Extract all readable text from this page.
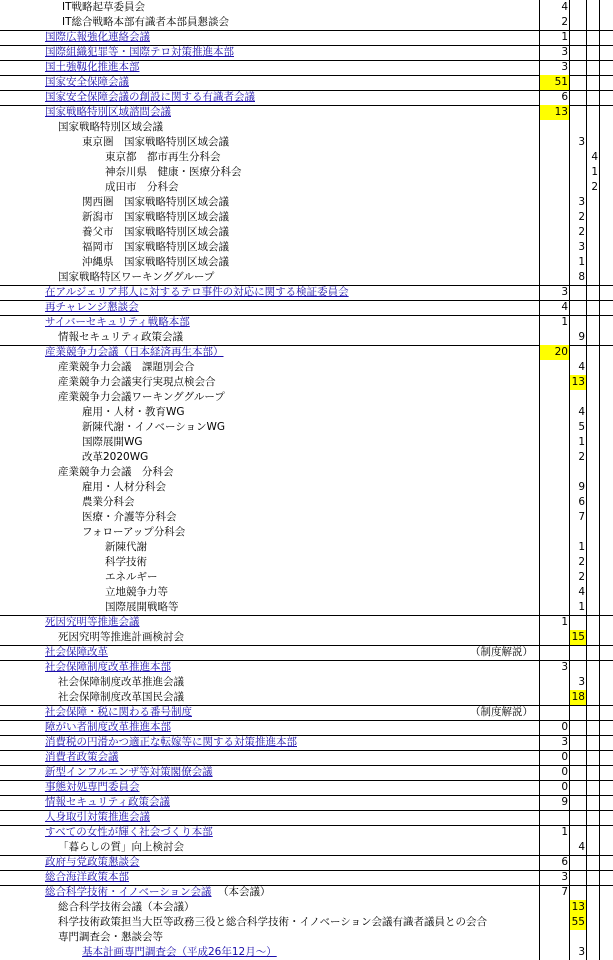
IT戦略起草委員会	4
IT総合戦略本部有識者本部員懇談会	2
国際広報強化連絡会議	1
国際組織犯罪等・国際テロ対策推進本部	3
国土強靱化推進本部	3
国家安全保障会議	51
国家安全保障会議の創設に関する有識者会議	6
国家戦略特別区域諮問会議	13
国家戦略特別区域会議
東京圏　国家戦略特別区域会議	3
東京都　都市再生分科会	4
神奈川県　健康・医療分科会	1
成田市　分科会	2
関西圏　国家戦略特別区域会議	3
新潟市　国家戦略特別区域会議	2
養父市　国家戦略特別区域会議	2
福岡市　国家戦略特別区域会議	3
沖縄県　国家戦略特別区域会議	1
国家戦略特区ワーキンググループ	8
在アルジェリア邦人に対するテロ事件の対応に関する検証委員会	3
再チャレンジ懇談会	4
サイバーセキュリティ戦略本部	1
情報セキュリティ政策会議	9
産業競争力会議（日本経済再生本部）	20
産業競争力会議　課題別会合	4
産業競争力会議実行実現点検会合	13
産業競争力会議ワーキンググループ
雇用・人材・教育WG	4
新陳代謝・イノベーションWG	5
国際展開WG	1
改革2020WG	2
産業競争力会議　分科会
雇用・人材分科会	9
農業分科会	6
医療・介護等分科会	7
フォローアップ分科会
新陳代謝	1
科学技術	2
エネルギー	2
立地競争力等	4
国際展開戦略等	1
死因究明等推進会議	1
死因究明等推進計画検討会	15
社会保障改革	（制度解説）
社会保障制度改革推進本部	3
社会保障制度改革推進会議	3
社会保障制度改革国民会議	18
社会保障・税に関わる番号制度	（制度解説）
障がい者制度改革推進本部	0
消費税の円滑かつ適正な転嫁等に関する対策推進本部	3
消費者政策会議	0
新型インフルエンザ等対策閣僚会議	0
事態対処専門委員会	0
情報セキュリティ政策会議	9
人身取引対策推進会議
すべての女性が輝く社会づくり本部	1
「暮らしの質」向上検討会	4
政府与党政策懇談会	6
総合海洋政策本部	3
総合科学技術・イノベーション会議 （本会議）	7
総合科学技術会議（本会議）	13
科学技術政策担当大臣等政務三役と総合科学技術・イノベーション会議有識者議員との会合	55
専門調査会・懇談会等
基本計画専門調査会（平成26年12月～）	3
